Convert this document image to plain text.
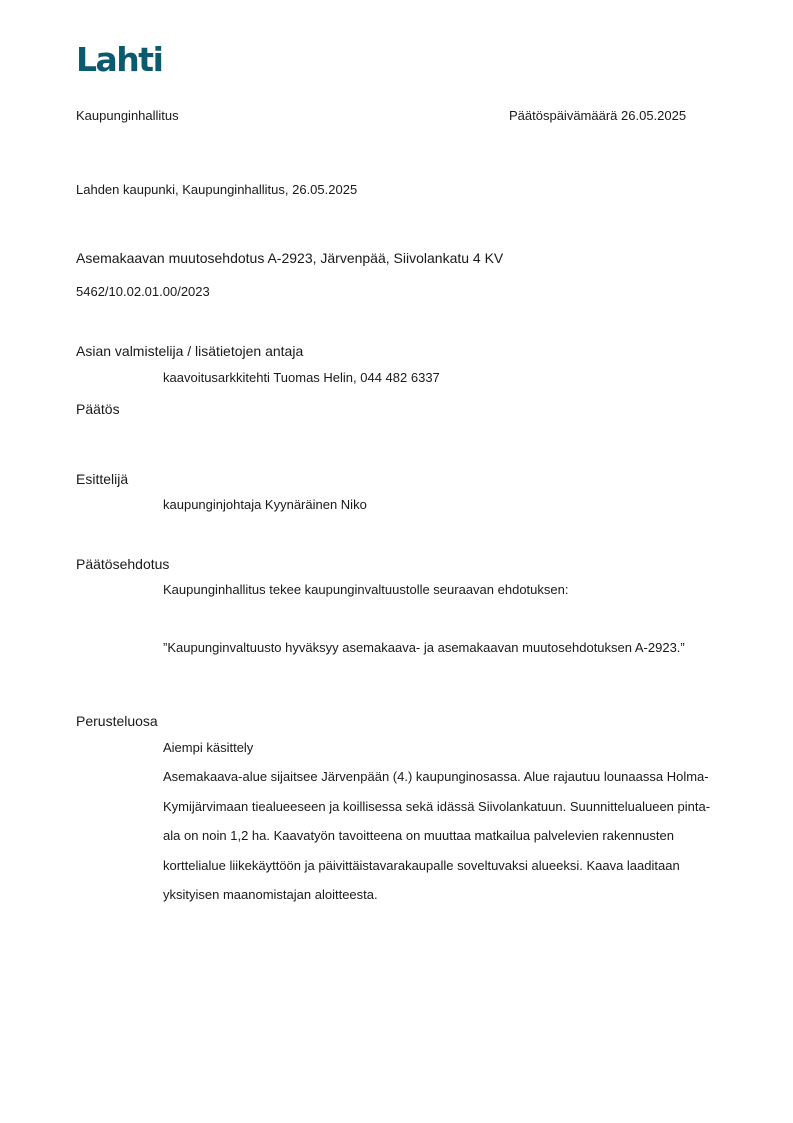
Lahti
Kaupunginhallitus	Päätöspäivämäärä 26.05.2025
Lahden kaupunki, Kaupunginhallitus, 26.05.2025
Asemakaavan muutosehdotus A-2923, Järvenpää, Siivolankatu 4 KV
5462/10.02.01.00/2023
Asian valmistelija / lisätietojen antaja
kaavoitusarkkitehti Tuomas Helin, 044 482 6337
Päätös
Esittelijä
kaupunginjohtaja Kyynäräinen Niko
Päätösehdotus
Kaupunginhallitus tekee kaupunginvaltuustolle seuraavan ehdotuksen:
”Kaupunginvaltuusto hyväksyy asemakaava- ja asemakaavan muutosehdotuksen A-2923.”
Perusteluosa
Aiempi käsittely
Asemakaava-alue sijaitsee Järvenpään (4.) kaupunginosassa. Alue rajautuu lounaassa Holma-Kymijärvimaan tiealueeseen ja koillisessa sekä idässä Siivolankatuun. Suunnittelualueen pinta-ala on noin 1,2 ha. Kaavatyön tavoitteena on muuttaa matkailua palvelevien rakennusten korttelialue liikekäyttöön ja päivittäistavarakaupalle soveltuvaksi alueeksi. Kaava laaditaan yksityisen maanomistajan aloitteesta.
